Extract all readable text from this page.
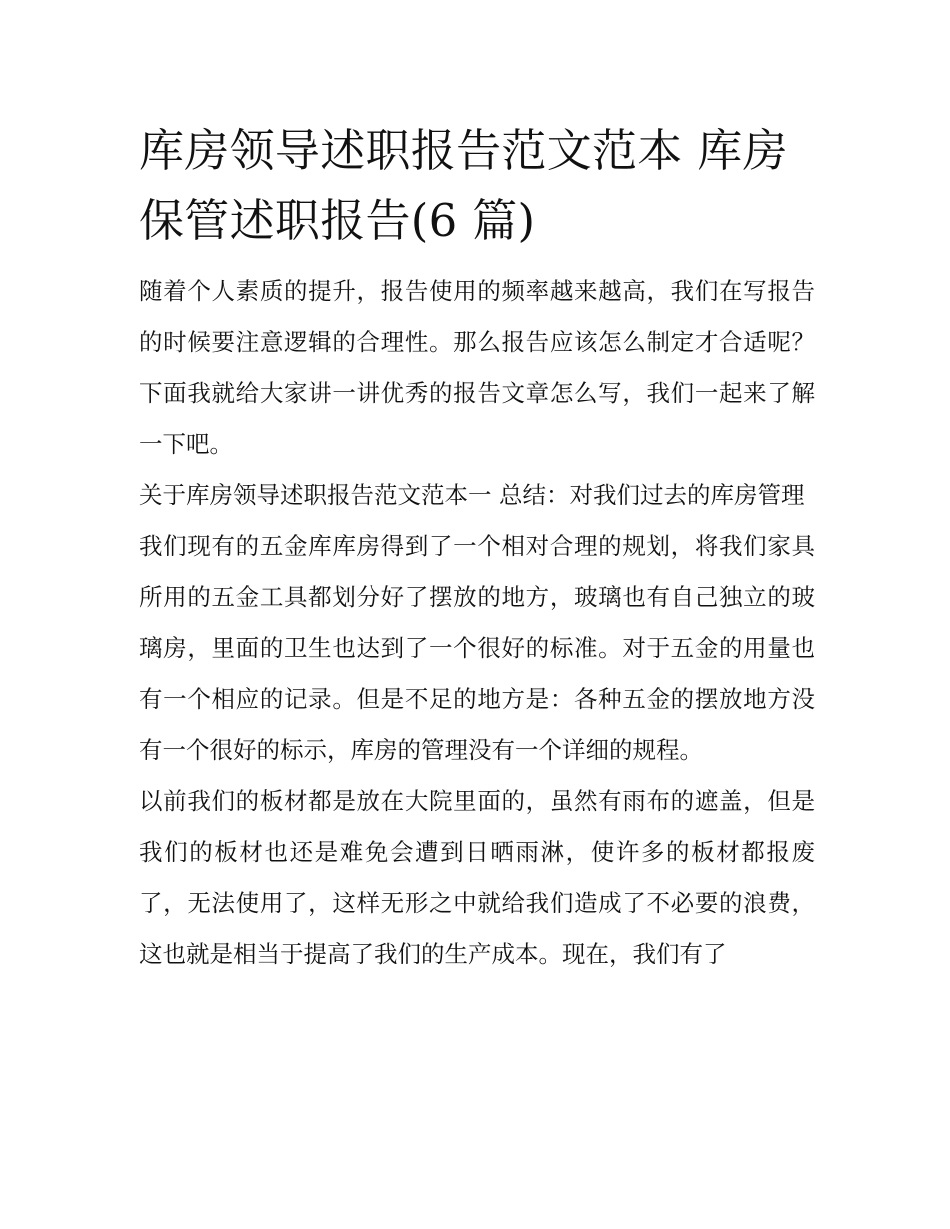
库房领导述职报告范文范本 库房保管述职报告(6 篇)

随着个人素质的提升，报告使用的频率越来越高，我们在写报告的时候要注意逻辑的合理性。那么报告应该怎么制定才合适呢？下面我就给大家讲一讲优秀的报告文章怎么写，我们一起来了解一下吧。

关于库房领导述职报告范文范本一 总结：对我们过去的库房管理

我们现有的五金库库房得到了一个相对合理的规划，将我们家具所用的五金工具都划分好了摆放的地方，玻璃也有自己独立的玻璃房，里面的卫生也达到了一个很好的标准。对于五金的用量也有一个相应的记录。但是不足的地方是：各种五金的摆放地方没有一个很好的标示，库房的管理没有一个详细的规程。

以前我们的板材都是放在大院里面的，虽然有雨布的遮盖，但是我们的板材也还是难免会遭到日晒雨淋，使许多的板材都报废了，无法使用了，这样无形之中就给我们造成了不必要的浪费，这也就是相当于提高了我们的生产成本。现在，我们有了
